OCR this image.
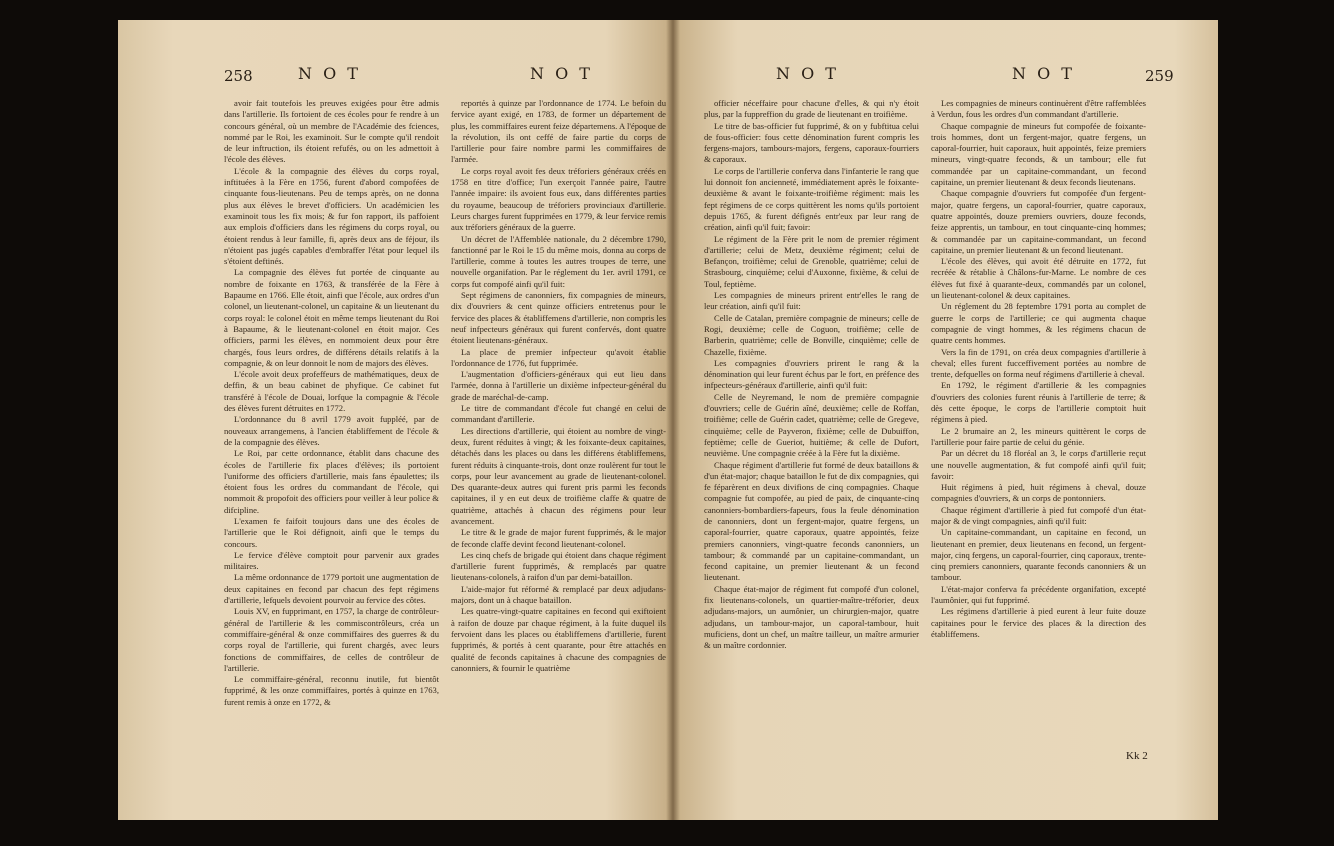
258	N O T	N O T

avoir fait toutefois les preuves exigées pour être admis dans l'artillerie. Ils fortoient de ces écoles pour fe rendre à un concours général, où un membre de l'Académie des fciences, nommé par le Roi, les examinoit. Sur le compte qu'il rendoit de leur inftruction, ils étoient refufés, ou on les admettoit à l'école des élèves.

L'école & la compagnie des élèves du corps royal, inftituées à la Fère en 1756, furent d'abord compofées de cinquante fous-lieutenans. Peu de temps après, on ne donna plus aux élèves le brevet d'officiers. Un académicien les examinoit tous les fix mois; & fur fon rapport, ils paffoient aux emplois d'officiers dans les régimens du corps royal, ou étoient rendus à leur famille, fi, après deux ans de féjour, ils n'étoient pas jugés capables d'embraffer l'état pour lequel ils s'étoient deftinés.

La compagnie des élèves fut portée de cinquante au nombre de foixante en 1763, & transférée de la Fère à Bapaume en 1766. Elle étoit, ainfi que l'école, aux ordres d'un colonel, un lieutenant-colonel, un capitaine & un lieutenant du corps royal: le colonel étoit en même temps lieutenant du Roi à Bapaume, & le lieutenant-colonel en étoit major. Ces officiers, parmi les élèves, en nommoient deux pour être chargés, fous leurs ordres, de différens détails relatifs à la compagnie, & on leur donnoit le nom de majors des élèves.

L'école avoit deux profeffeurs de mathématiques, deux de deffin, & un beau cabinet de phyfique. Ce cabinet fut transféré à l'école de Douai, lorfque la compagnie & l'école des élèves furent détruites en 1772.

L'ordonnance du 8 avril 1779 avoit fuppléé, par de nouveaux arrangemens, à l'ancien établiffement de l'école & de la compagnie des élèves.

Le Roi, par cette ordonnance, établit dans chacune des écoles de l'artillerie fix places d'élèves; ils portoient l'uniforme des officiers d'artillerie, mais fans épaulettes; ils étoient fous les ordres du commandant de l'école, qui nommoit & propofoit des officiers pour veiller à leur police & difcipline.

L'examen fe faifoit toujours dans une des écoles de l'artillerie que le Roi défignoit, ainfi que le temps du concours.

Le fervice d'élève comptoit pour parvenir aux grades militaires.

La même ordonnance de 1779 portoit une augmentation de deux capitaines en fecond par chacun des fept régimens d'artillerie, lefquels devoient pourvoir au fervice des côtes.

Louis XV, en fupprimant, en 1757, la charge de contrôleur-général de l'artillerie & les commiscontrôleurs, créa un commiffaire-général & onze commiffaires des guerres & du corps royal de l'artillerie, qui furent chargés, avec leurs fonctions de commiffaires, de celles de contrôleur de l'artillerie.

Le commiffaire-général, reconnu inutile, fut bientôt fupprimé, & les onze commiffaires, portés à quinze en 1763, furent remis à onze en 1772, &

reportés à quinze par l'ordonnance de 1774. Le befoin du fervice ayant exigé, en 1783, de former un département de plus, les commiffaires eurent feize départemens. A l'époque de la révolution, ils ont ceffé de faire partie du corps de l'artillerie pour faire nombre parmi les commiffaires de l'armée.

Le corps royal avoit fes deux tréforiers généraux créés en 1758 en titre d'office; l'un exerçoit l'année paire, l'autre l'année impaire: ils avoient fous eux, dans différentes parties du royaume, beaucoup de tréforiers provinciaux d'artillerie. Leurs charges furent fupprimées en 1779, & leur fervice remis aux tréforiers généraux de la guerre.

Un décret de l'Affemblée nationale, du 2 décembre 1790, fanctionné par le Roi le 15 du même mois, donna au corps de l'artillerie, comme à toutes les autres troupes de terre, une nouvelle organifation. Par le réglement du 1er. avril 1791, ce corps fut compofé ainfi qu'il fuit:

Sept régimens de canonniers, fix compagnies de mineurs, dix d'ouvriers & cent quinze officiers entretenus pour le fervice des places & établiffemens d'artillerie, non compris les neuf infpecteurs généraux qui furent confervés, dont quatre étoient lieutenans-généraux.

La place de premier infpecteur qu'avoit établie l'ordonnance de 1776, fut fupprimée.

L'augmentation d'officiers-généraux qui eut lieu dans l'armée, donna à l'artillerie un dixième infpecteur-général du grade de maréchal-de-camp.

Le titre de commandant d'école fut changé en celui de commandant d'artillerie.

Les directions d'artillerie, qui étoient au nombre de vingt-deux, furent réduites à vingt; & les foixante-deux capitaines, détachés dans les places ou dans les différens établiffemens, furent réduits à cinquante-trois, dont onze roulèrent fur tout le corps, pour leur avancement au grade de lieutenant-colonel. Des quarante-deux autres qui furent pris parmi les feconds capitaines, il y en eut deux de troifième claffe & quatre de quatrième, attachés à chacun des régimens pour leur avancement.

Le titre & le grade de major furent fupprimés, & le major de feconde claffe devint fecond lieutenant-colonel.

Les cinq chefs de brigade qui étoient dans chaque régiment d'artillerie furent fupprimés, & remplacés par quatre lieutenans-colonels, à raifon d'un par demi-bataillon.

L'aide-major fut réformé & remplacé par deux adjudans-majors, dont un à chaque bataillon.

Les quatre-vingt-quatre capitaines en fecond qui exiftoient à raifon de douze par chaque régiment, à la fuite duquel ils fervoient dans les places ou établiffemens d'artillerie, furent fupprimés, & portés à cent quarante, pour être attachés en qualité de feconds capitaines à chacune des compagnies de canonniers, & fournir le quatrième

N O T	N O T	259

officier néceffaire pour chacune d'elles, & qui n'y étoit plus, par la fuppreffion du grade de lieutenant en troifième.

Le titre de bas-officier fut fupprimé, & on y fubftitua celui de fous-officier: fous cette dénomination furent compris les fergens-majors, tambours-majors, fergens, caporaux-fourriers & caporaux.

Le corps de l'artillerie conferva dans l'infanterie le rang que lui donnoit fon ancienneté, immédiatement après le foixante-deuxième & avant le foixante-troifième régiment: mais les fept régimens de ce corps quittèrent les noms qu'ils portoient depuis 1765, & furent défignés entr'eux par leur rang de création, ainfi qu'il fuit; favoir:

Le régiment de la Fère prit le nom de premier régiment d'artillerie; celui de Metz, deuxième régiment; celui de Befançon, troifième; celui de Grenoble, quatrième; celui de Strasbourg, cinquième; celui d'Auxonne, fixième, & celui de Toul, feptième.

Les compagnies de mineurs prirent entr'elles le rang de leur création, ainfi qu'il fuit:

Celle de Catalan, première compagnie de mineurs; celle de Rogi, deuxième; celle de Coguon, troifième; celle de Barberin, quatrième; celle de Bonville, cinquième; celle de Chazelle, fixième.

Les compagnies d'ouvriers prirent le rang & la dénomination qui leur furent échus par le fort, en préfence des infpecteurs-généraux d'artillerie, ainfi qu'il fuit:

Celle de Neyremand, le nom de première compagnie d'ouvriers; celle de Guérin aîné, deuxième; celle de Roffan, troifième; celle de Guérin cadet, quatrième; celle de Gregeve, cinquième; celle de Payveron, fixième; celle de Dubuiffon, feptième; celle de Gueriot, huitième; & celle de Dufort, neuvième. Une compagnie créée à la Fère fut la dixième.

Chaque régiment d'artillerie fut formé de deux bataillons & d'un état-major; chaque bataillon le fut de dix compagnies, qui fe féparèrent en deux divifions de cinq compagnies. Chaque compagnie fut compofée, au pied de paix, de cinquante-cinq canonniers-bombardiers-fapeurs, fous la feule dénomination de canonniers, dont un fergent-major, quatre fergens, un caporal-fourrier, quatre caporaux, quatre appointés, feize premiers canonniers, vingt-quatre feconds canonniers, un tambour; & commandé par un capitaine-commandant, un fecond capitaine, un premier lieutenant & un fecond lieutenant.

Chaque état-major de régiment fut compofé d'un colonel, fix lieutenans-colonels, un quartier-maître-tréforier, deux adjudans-majors, un aumônier, un chirurgien-major, quatre adjudans, un tambour-major, un caporal-tambour, huit muficiens, dont un chef, un maître tailleur, un maître armurier & un maître cordonnier.

Les compagnies de mineurs continuèrent d'être raffemblées à Verdun, fous les ordres d'un commandant d'artillerie.

Chaque compagnie de mineurs fut compofée de foixante-trois hommes, dont un fergent-major, quatre fergens, un caporal-fourrier, huit caporaux, huit appointés, feize premiers mineurs, vingt-quatre feconds, & un tambour; elle fut commandée par un capitaine-commandant, un fecond capitaine, un premier lieutenant & deux feconds lieutenans.

Chaque compagnie d'ouvriers fut compofée d'un fergent-major, quatre fergens, un caporal-fourrier, quatre caporaux, quatre appointés, douze premiers ouvriers, douze feconds, feize apprentis, un tambour, en tout cinquante-cinq hommes; & commandée par un capitaine-commandant, un fecond capitaine, un premier lieutenant & un fecond lieutenant.

L'école des élèves, qui avoit été détruite en 1772, fut recréée & rétablie à Châlons-fur-Marne. Le nombre de ces élèves fut fixé à quarante-deux, commandés par un colonel, un lieutenant-colonel & deux capitaines.

Un réglement du 28 feptembre 1791 porta au complet de guerre le corps de l'artillerie; ce qui augmenta chaque compagnie de vingt hommes, & les régimens chacun de quatre cents hommes.

Vers la fin de 1791, on créa deux compagnies d'artillerie à cheval; elles furent fucceffivement portées au nombre de trente, defquelles on forma neuf régimens d'artillerie à cheval.

En 1792, le régiment d'artillerie & les compagnies d'ouvriers des colonies furent réunis à l'artillerie de terre; & dès cette époque, le corps de l'artillerie comptoit huit régimens à pied.

Le 2 brumaire an 2, les mineurs quittèrent le corps de l'artillerie pour faire partie de celui du génie.

Par un décret du 18 floréal an 3, le corps d'artillerie reçut une nouvelle augmentation, & fut compofé ainfi qu'il fuit; favoir:

Huit régimens à pied, huit régimens à cheval, douze compagnies d'ouvriers, & un corps de pontonniers.

Chaque régiment d'artillerie à pied fut compofé d'un état-major & de vingt compagnies, ainfi qu'il fuit:

Un capitaine-commandant, un capitaine en fecond, un lieutenant en premier, deux lieutenans en fecond, un fergent-major, cinq fergens, un caporal-fourrier, cinq caporaux, trente-cinq premiers canonniers, quarante feconds canonniers & un tambour.

L'état-major conferva fa précédente organifation, excepté l'aumônier, qui fut fupprimé.

Les régimens d'artillerie à pied eurent à leur fuite douze capitaines pour le fervice des places & la direction des établiffemens.

Kk 2
